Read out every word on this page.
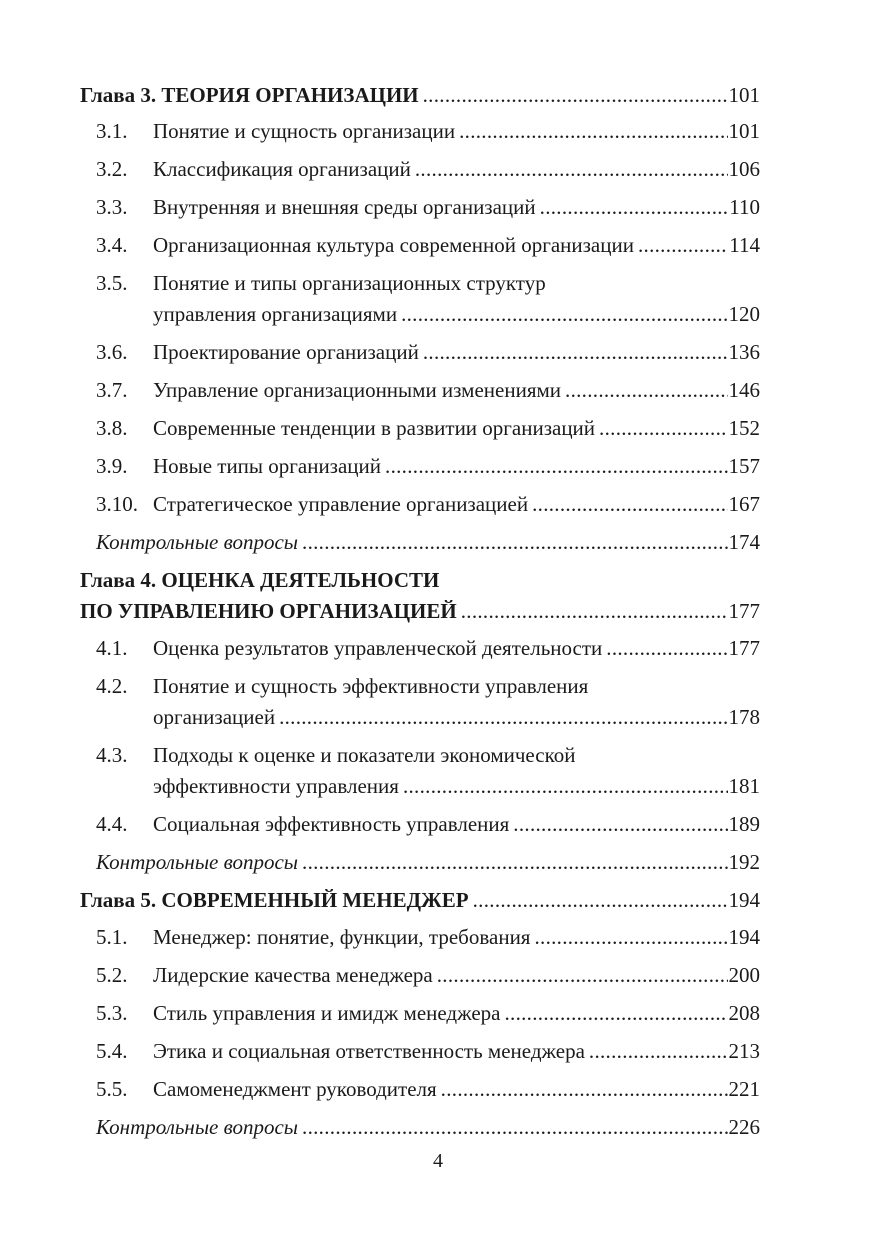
Глава 3. ТЕОРИЯ ОРГАНИЗАЦИИ .....	101
3.1. Понятие и сущность организации .....	101
3.2. Классификация организаций .....	106
3.3. Внутренняя и внешняя среды организаций .....	110
3.4. Организационная культура современной организации .....	114
3.5. Понятие и типы организационных структур
управления организациями .....	120
3.6. Проектирование организаций .....	136
3.7. Управление организационными изменениями .....	146
3.8. Современные тенденции в развитии организаций .....	152
3.9. Новые типы организаций .....	157
3.10. Стратегическое управление организацией .....	167
Контрольные вопросы .....	174
Глава 4. ОЦЕНКА ДЕЯТЕЛЬНОСТИ
ПО УПРАВЛЕНИЮ ОРГАНИЗАЦИЕЙ .....	177
4.1. Оценка результатов управленческой деятельности .....	177
4.2. Понятие и сущность эффективности управления
организацией .....	178
4.3. Подходы к оценке и показатели экономической
эффективности управления .....	181
4.4. Социальная эффективность управления .....	189
Контрольные вопросы .....	192
Глава 5. СОВРЕМЕННЫЙ МЕНЕДЖЕР .....	194
5.1. Менеджер: понятие, функции, требования .....	194
5.2. Лидерские качества менеджера .....	200
5.3. Стиль управления и имидж менеджера .....	208
5.4. Этика и социальная ответственность менеджера .....	213
5.5. Самоменеджмент руководителя .....	221
Контрольные вопросы .....	226
4
